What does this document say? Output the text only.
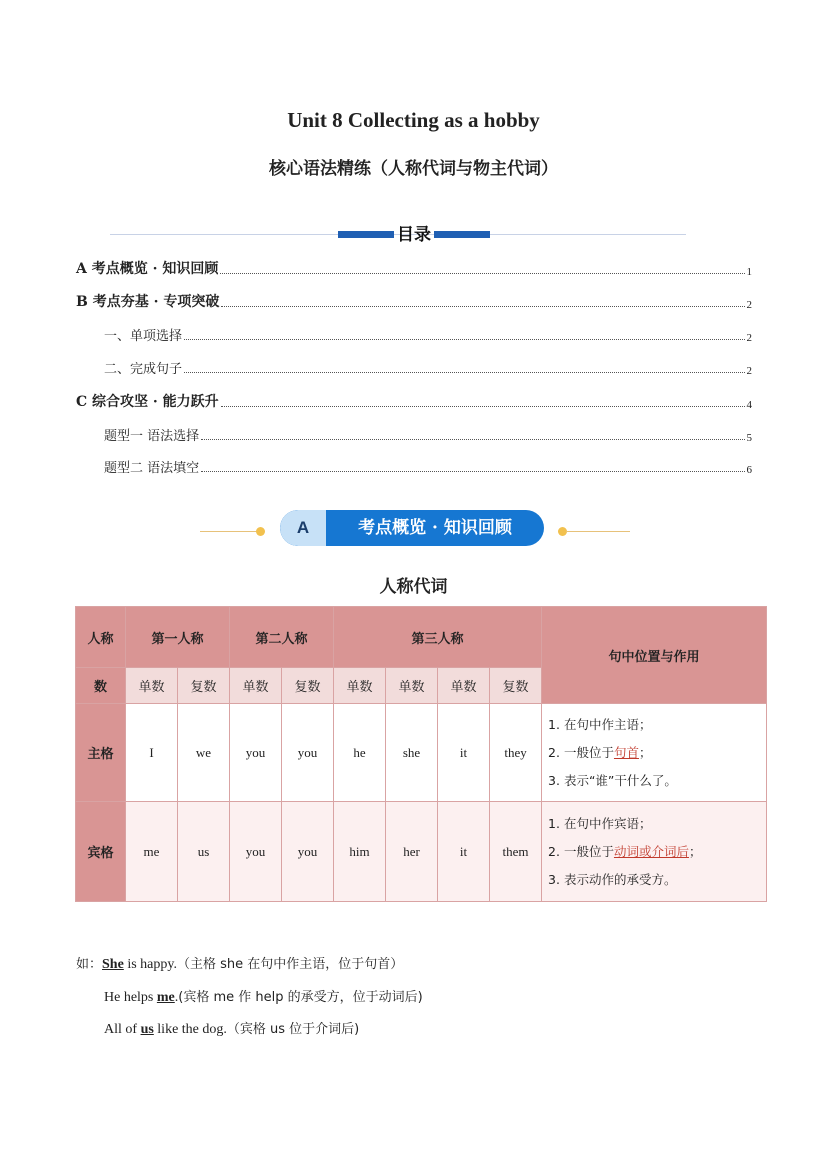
Unit 8 Collecting as a hobby
核心语法精练（人称代词与物主代词）
目录
A 考点概览 · 知识回顾	1
B 考点夯基 · 专项突破	2
一、单项选择	2
二、完成句子	2
C 综合攻坚 · 能力跃升	4
题型一 语法选择	5
题型二 语法填空	6
A	考点概览 · 知识回顾
人称代词
人称	第一人称		第二人称		第三人称				句中位置与作用
数	单数	复数	单数	复数	单数	单数	单数	复数	
主格	I	we	you	you	he	she	it	they	1. 在句中作主语；
2. 一般位于句首；
3. 表示“谁”干什么了。

宾格	me	us	you	you	him	her	it	them	1. 在句中作宾语；
2. 一般位于动词或介词后；
3. 表示动作的承受方。
如：She is happy.（主格 she 在句中作主语，位于句首）
He helps me.(宾格 me 作 help 的承受方，位于动词后)
All of us like the dog.（宾格 us 位于介词后)
